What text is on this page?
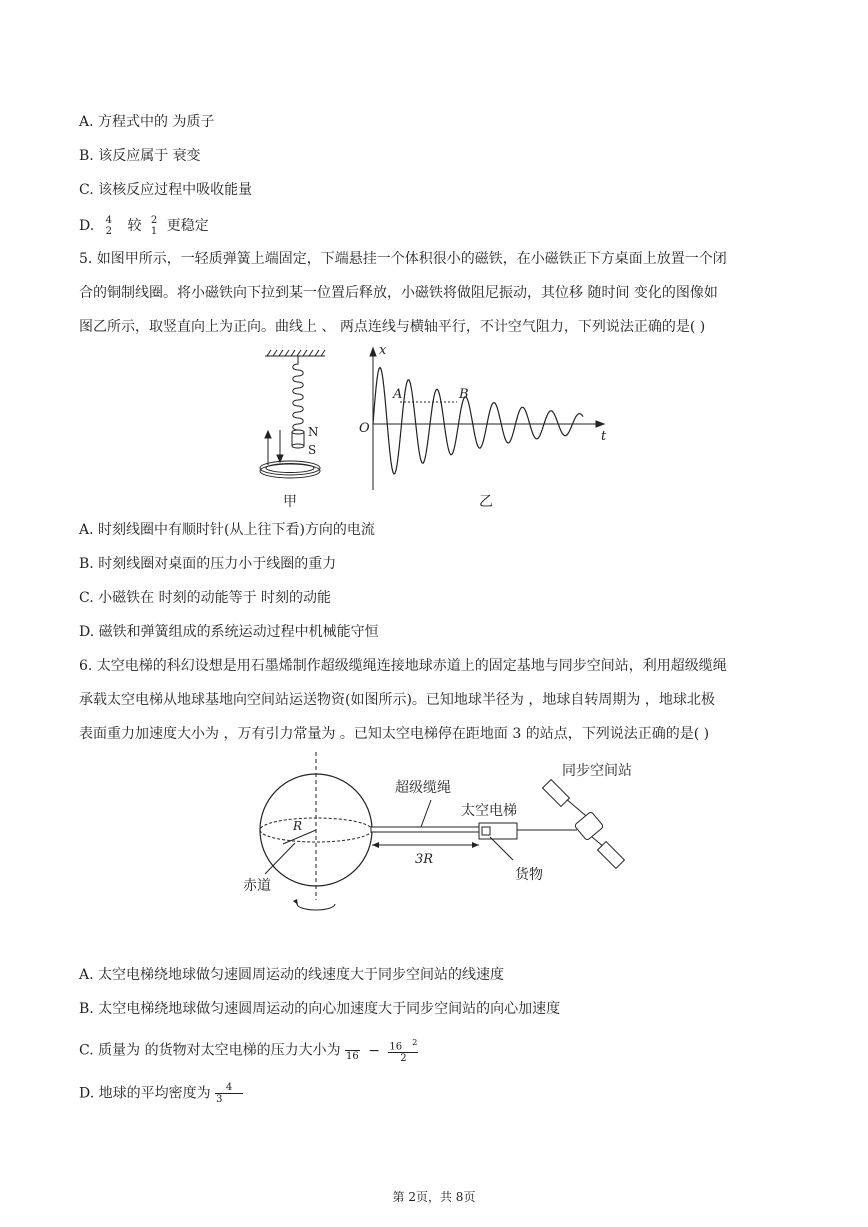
A. 方程式中的 为质子
B. 该反应属于 衰变
C. 该核反应过程中吸收能量
D. 4
2 较 2
1 更稳定
5. 如图甲所示，一轻质弹簧上端固定，下端悬挂一个体积很小的磁铁，在小磁铁正下方桌面上放置一个闭
合的铜制线圈。将小磁铁向下拉到某一位置后释放，小磁铁将做阻尼振动，其位移 随时间 变化的图像如
图乙所示，取竖直向上为正向。曲线上 、 两点连线与横轴平行，不计空气阻力，下列说法正确的是( )
N
S
甲
x
t
O
A	B
乙
A. 时刻线圈中有顺时针(从上往下看)方向的电流
B. 时刻线圈对桌面的压力小于线圈的重力
C. 小磁铁在 时刻的动能等于 时刻的动能
D. 磁铁和弹簧组成的系统运动过程中机械能守恒
6. 太空电梯的科幻设想是用石墨烯制作超级缆绳连接地球赤道上的固定基地与同步空间站，利用超级缆绳
承载太空电梯从地球基地向空间站运送物资(如图所示)。已知地球半径为 ，地球自转周期为 ，地球北极
表面重力加速度大小为 ，万有引力常量为 。已知太空电梯停在距地面 3 的站点，下列说法正确的是( )
R
赤道
超级缆绳
3R
太空电梯
货物
同步空间站
A. 太空电梯绕地球做匀速圆周运动的线速度大于同步空间站的线速度
B. 太空电梯绕地球做匀速圆周运动的向心加速度大于同步空间站的向心加速度
C. 质量为 的货物对太空电梯的压力大小为
$16 - \frac{16 ^2}{2}$
D. 地球的平均密度为 $\frac{4}{3}$
第 2页，共 8页
